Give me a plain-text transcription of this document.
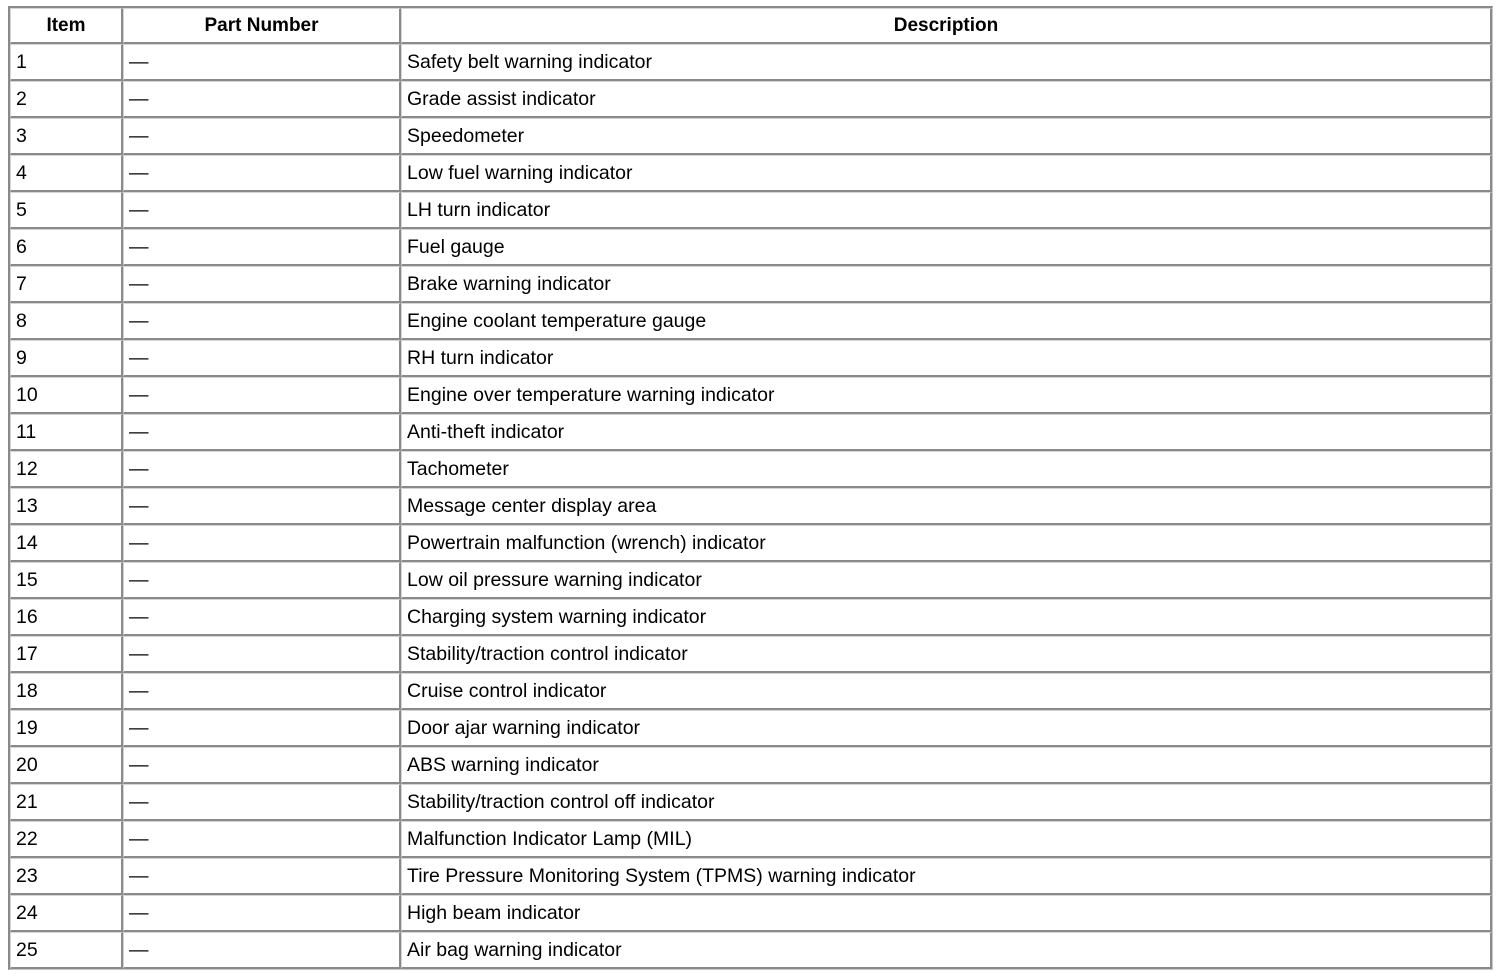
Item	Part Number	Description
1	—	Safety belt warning indicator
2	—	Grade assist indicator
3	—	Speedometer
4	—	Low fuel warning indicator
5	—	LH turn indicator
6	—	Fuel gauge
7	—	Brake warning indicator
8	—	Engine coolant temperature gauge
9	—	RH turn indicator
10	—	Engine over temperature warning indicator
11	—	Anti-theft indicator
12	—	Tachometer
13	—	Message center display area
14	—	Powertrain malfunction (wrench) indicator
15	—	Low oil pressure warning indicator
16	—	Charging system warning indicator
17	—	Stability/traction control indicator
18	—	Cruise control indicator
19	—	Door ajar warning indicator
20	—	ABS warning indicator
21	—	Stability/traction control off indicator
22	—	Malfunction Indicator Lamp (MIL)
23	—	Tire Pressure Monitoring System (TPMS) warning indicator
24	—	High beam indicator
25	—	Air bag warning indicator
